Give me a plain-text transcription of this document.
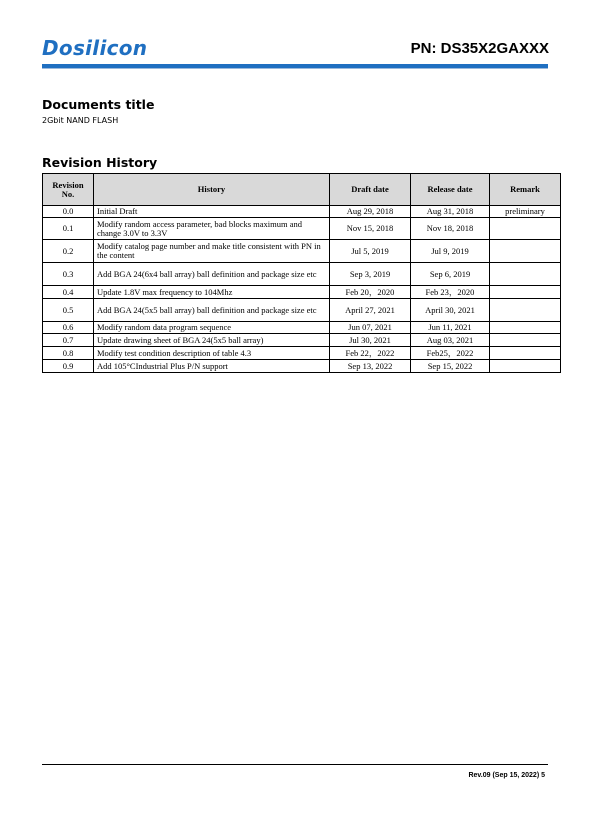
Dosilicon	PN: DS35X2GAXXX
Documents title
2Gbit NAND FLASH
Revision History
Revision No.	History	Draft date	Release date	Remark
0.0	Initial Draft	Aug 29, 2018	Aug 31, 2018	preliminary
0.1	Modify random access parameter, bad blocks maximum and change 3.0V to 3.3V	Nov 15, 2018	Nov 18, 2018	
0.2	Modify catalog page number and make title consistent with PN in the content	Jul 5, 2019	Jul 9, 2019	
0.3	Add BGA 24(6x4 ball array) ball definition and package size etc	Sep 3, 2019	Sep 6, 2019	
0.4	Update 1.8V max frequency to 104Mhz	Feb 20，2020	Feb 23，2020	
0.5	Add BGA 24(5x5 ball array) ball definition and package size etc	April 27, 2021	April 30, 2021	
0.6	Modify random data program sequence	Jun 07, 2021	Jun 11, 2021	
0.7	Update drawing sheet of BGA 24(5x5 ball array)	Jul 30, 2021	Aug 03, 2021	
0.8	Modify test condition description of table 4.3	Feb 22，2022	Feb25，2022	
0.9	Add 105°CIndustrial Plus P/N support	Sep 13, 2022	Sep 15, 2022	
Rev.09 (Sep 15, 2022) 5
